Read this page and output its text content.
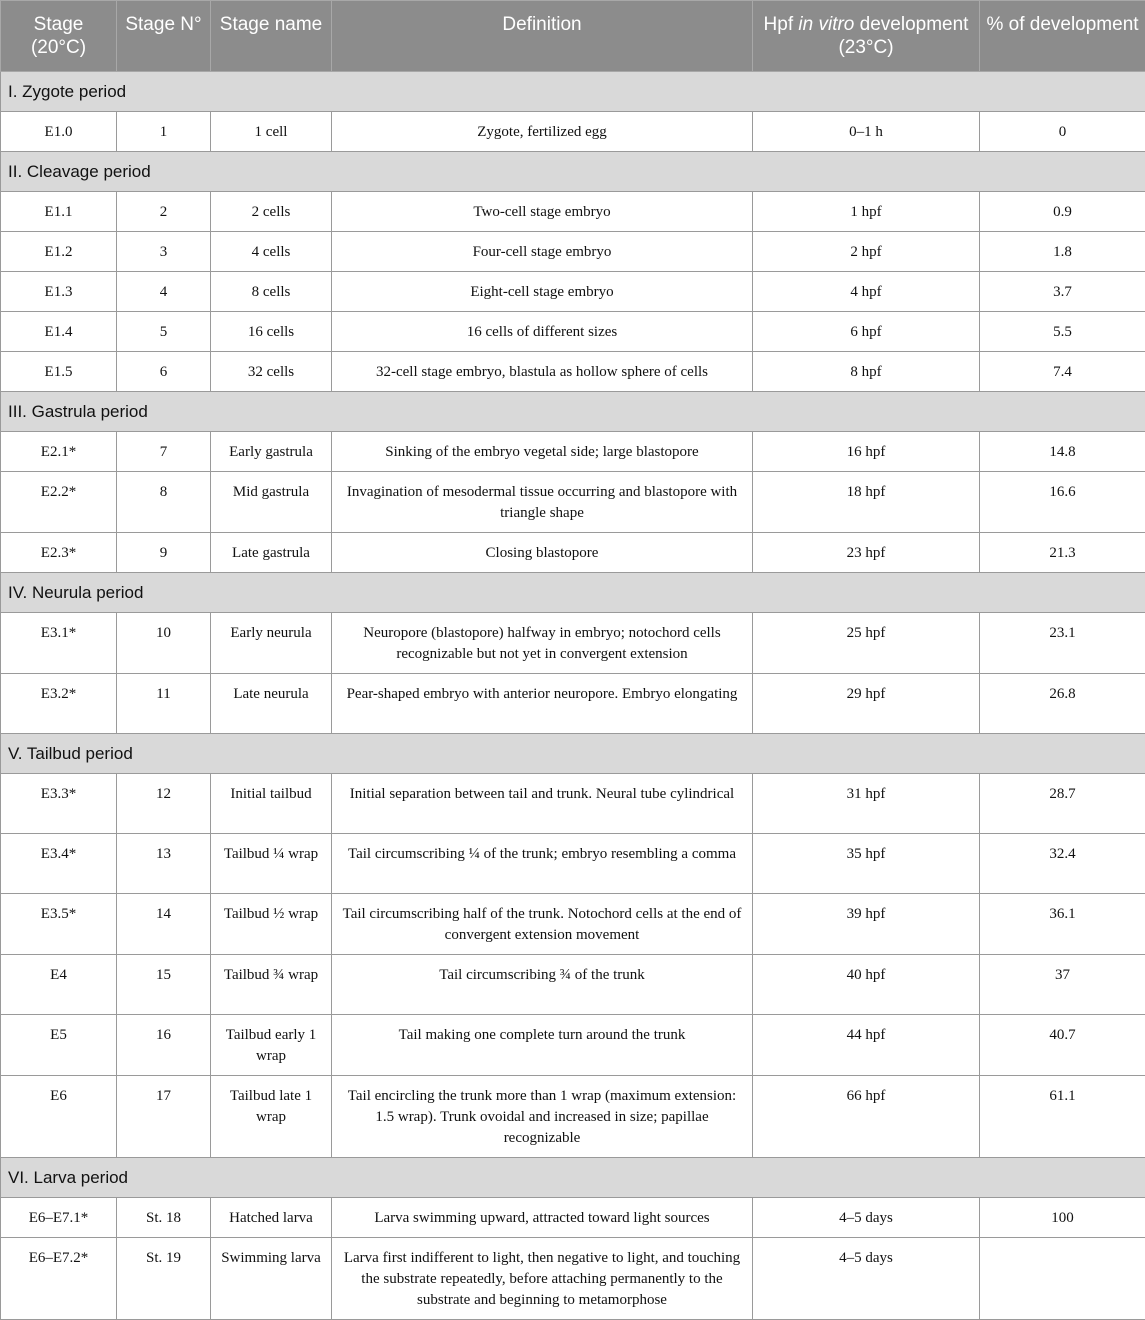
Stage (20°C)	Stage N°	Stage name	Definition	Hpf in vitro development (23°C)	% of development
I. Zygote period					
E1.0	1	1 cell	Zygote, fertilized egg	0–1 h	0
II. Cleavage period					
E1.1	2	2 cells	Two-cell stage embryo	1 hpf	0.9
E1.2	3	4 cells	Four-cell stage embryo	2 hpf	1.8
E1.3	4	8 cells	Eight-cell stage embryo	4 hpf	3.7
E1.4	5	16 cells	16 cells of different sizes	6 hpf	5.5
E1.5	6	32 cells	32-cell stage embryo, blastula as hollow sphere of cells	8 hpf	7.4
III. Gastrula period					
E2.1*	7	Early gastrula	Sinking of the embryo vegetal side; large blastopore	16 hpf	14.8
E2.2*	8	Mid gastrula	Invagination of mesodermal tissue occurring and blastopore with triangle shape	18 hpf	16.6
E2.3*	9	Late gastrula	Closing blastopore	23 hpf	21.3
IV. Neurula period					
E3.1*	10	Early neurula	Neuropore (blastopore) halfway in embryo; notochord cells recognizable but not yet in convergent extension	25 hpf	23.1
E3.2*	11	Late neurula	Pear-shaped embryo with anterior neuropore. Embryo elongating	29 hpf	26.8
V. Tailbud period					
E3.3*	12	Initial tailbud	Initial separation between tail and trunk. Neural tube cylindrical	31 hpf	28.7
E3.4*	13	Tailbud ¼ wrap	Tail circumscribing ¼ of the trunk; embryo resembling a comma	35 hpf	32.4
E3.5*	14	Tailbud ½ wrap	Tail circumscribing half of the trunk. Notochord cells at the end of convergent extension movement	39 hpf	36.1
E4	15	Tailbud ¾ wrap	Tail circumscribing ¾ of the trunk	40 hpf	37
E5	16	Tailbud early 1 wrap	Tail making one complete turn around the trunk	44 hpf	40.7
E6	17	Tailbud late 1 wrap	Tail encircling the trunk more than 1 wrap (maximum extension: 1.5 wrap). Trunk ovoidal and increased in size; papillae recognizable	66 hpf	61.1
VI. Larva period					
E6–E7.1*	St. 18	Hatched larva	Larva swimming upward, attracted toward light sources	4–5 days	100
E6–E7.2*	St. 19	Swimming larva	Larva first indifferent to light, then negative to light, and touching the substrate repeatedly, before attaching permanently to the substrate and beginning to metamorphose	4–5 days	
